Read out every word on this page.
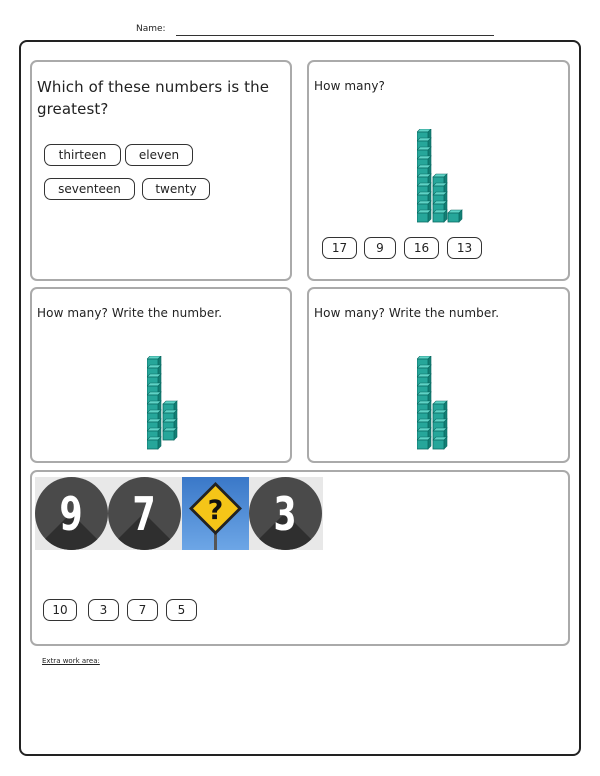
Name:
Which of these numbers is the greatest?
thirteen	eleven
seventeen	twenty
How many?
17	9	16	13
How many? Write the number.	How many? Write the number.
9 7 ? 3
10	3	7	5
Extra work area:
